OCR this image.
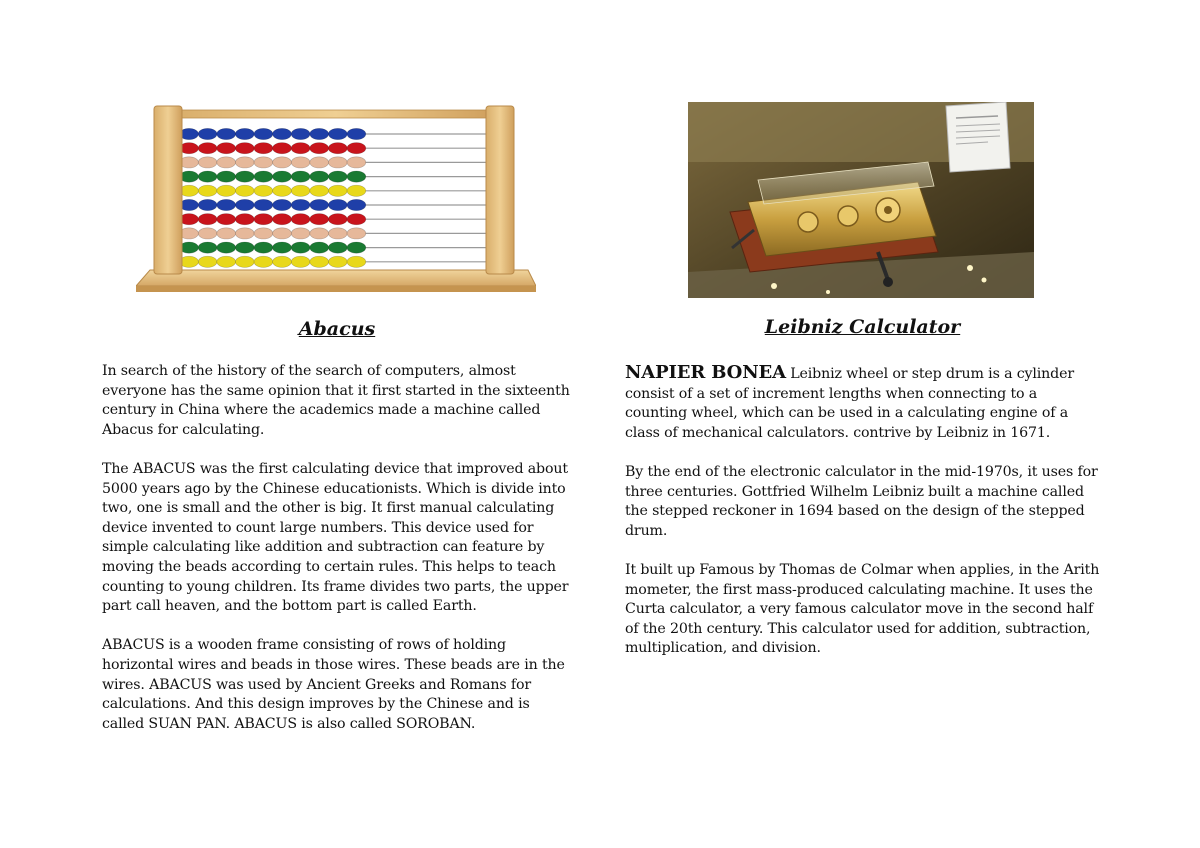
Abacus

In search of the history of the search of computers, almost everyone has the same opinion that it first started in the sixteenth century in China where the academics made a machine called Abacus for calculating.

The ABACUS was the first calculating device that improved about 5000 years ago by the Chinese educationists. Which is divide into two, one is small and the other is big. It first manual calculating device invented to count large numbers. This device used for simple calculating like addition and subtraction can feature by moving the beads according to certain rules. This helps to teach counting to young children. Its frame divides two parts, the upper part call heaven, and the bottom part is called Earth.

ABACUS is a wooden frame consisting of rows of holding horizontal wires and beads in those wires. These beads are in the wires. ABACUS was used by Ancient Greeks and Romans for calculations. And this design improves by the Chinese and is called SUAN PAN. ABACUS is also called SOROBAN.

Leibniz Calculator

NAPIER BONEA Leibniz wheel or step drum is a cylinder consist of a set of increment lengths when connecting to a counting wheel, which can be used in a calculating engine of a class of mechanical calculators. contrive by Leibniz in 1671.

By the end of the electronic calculator in the mid-1970s, it uses for three centuries. Gottfried Wilhelm Leibniz built a machine called the stepped reckoner in 1694 based on the design of the stepped drum.

It built up Famous by Thomas de Colmar when applies, in the Arith mometer, the first mass-produced calculating machine. It uses the Curta calculator, a very famous calculator move in the second half of the 20th century. This calculator used for addition, subtraction, multiplication, and division.
